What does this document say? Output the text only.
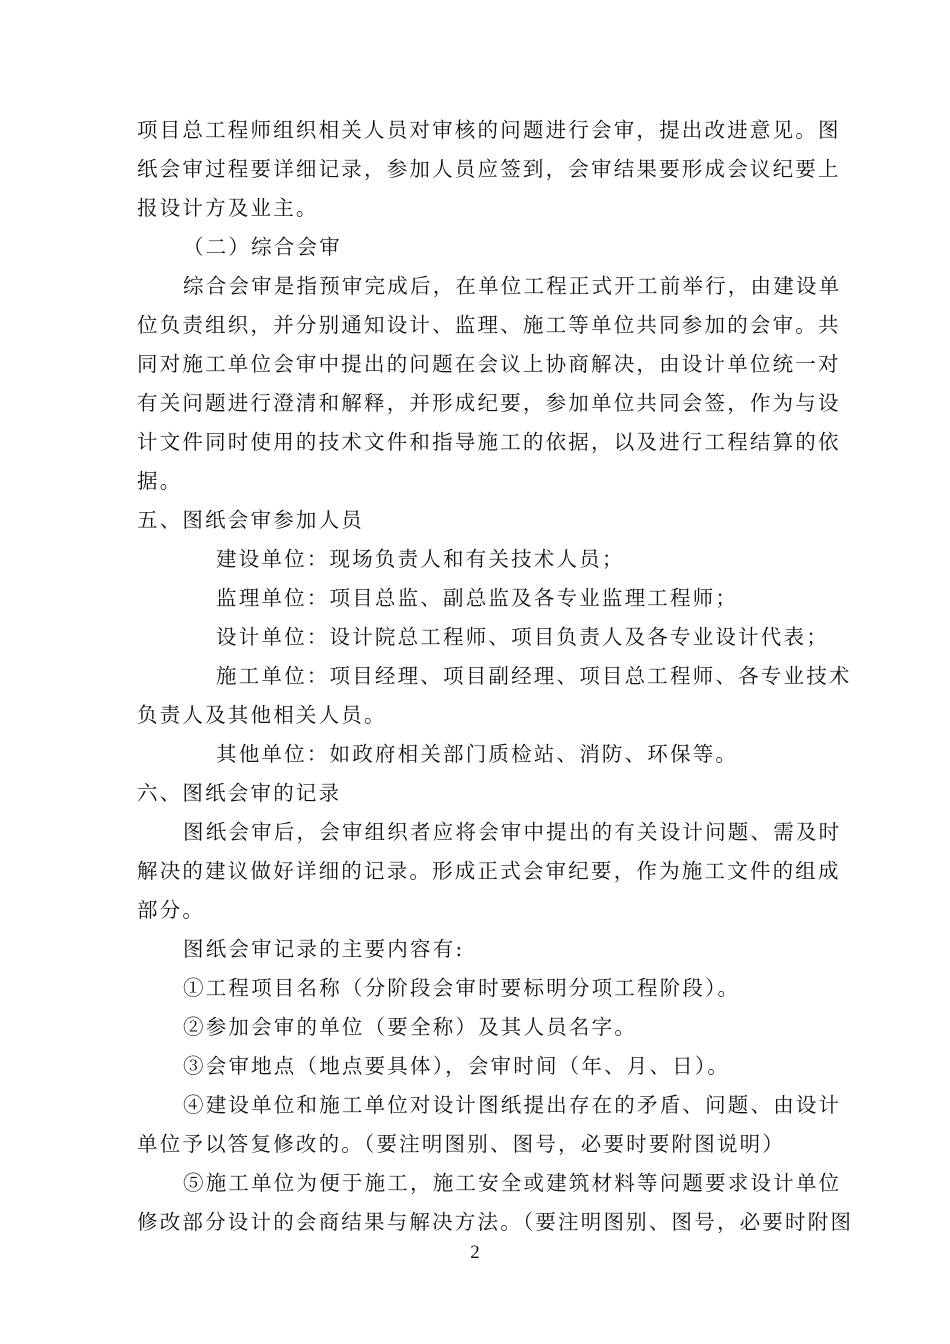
项目总工程师组织相关人员对审核的问题进行会审，提出改进意见。图
纸会审过程要详细记录，参加人员应签到，会审结果要形成会议纪要上
报设计方及业主。
（二）综合会审
综合会审是指预审完成后，在单位工程正式开工前举行，由建设单
位负责组织，并分别通知设计、监理、施工等单位共同参加的会审。共
同对施工单位会审中提出的问题在会议上协商解决，由设计单位统一对
有关问题进行澄清和解释，并形成纪要，参加单位共同会签，作为与设
计文件同时使用的技术文件和指导施工的依据，以及进行工程结算的依
据。
五、图纸会审参加人员
建设单位：现场负责人和有关技术人员；
监理单位：项目总监、副总监及各专业监理工程师；
设计单位：设计院总工程师、项目负责人及各专业设计代表；
施工单位：项目经理、项目副经理、项目总工程师、各专业技术
负责人及其他相关人员。
其他单位：如政府相关部门质检站、消防、环保等。
六、图纸会审的记录
图纸会审后，会审组织者应将会审中提出的有关设计问题、需及时
解决的建议做好详细的记录。形成正式会审纪要，作为施工文件的组成
部分。
图纸会审记录的主要内容有:
①工程项目名称（分阶段会审时要标明分项工程阶段）。
②参加会审的单位（要全称）及其人员名字。
③会审地点（地点要具体），会审时间（年、月、日）。
④建设单位和施工单位对设计图纸提出存在的矛盾、问题、由设计
单位予以答复修改的。（要注明图别、图号，必要时要附图说明）
⑤施工单位为便于施工，施工安全或建筑材料等问题要求设计单位
修改部分设计的会商结果与解决方法。（要注明图别、图号，必要时附图
2
